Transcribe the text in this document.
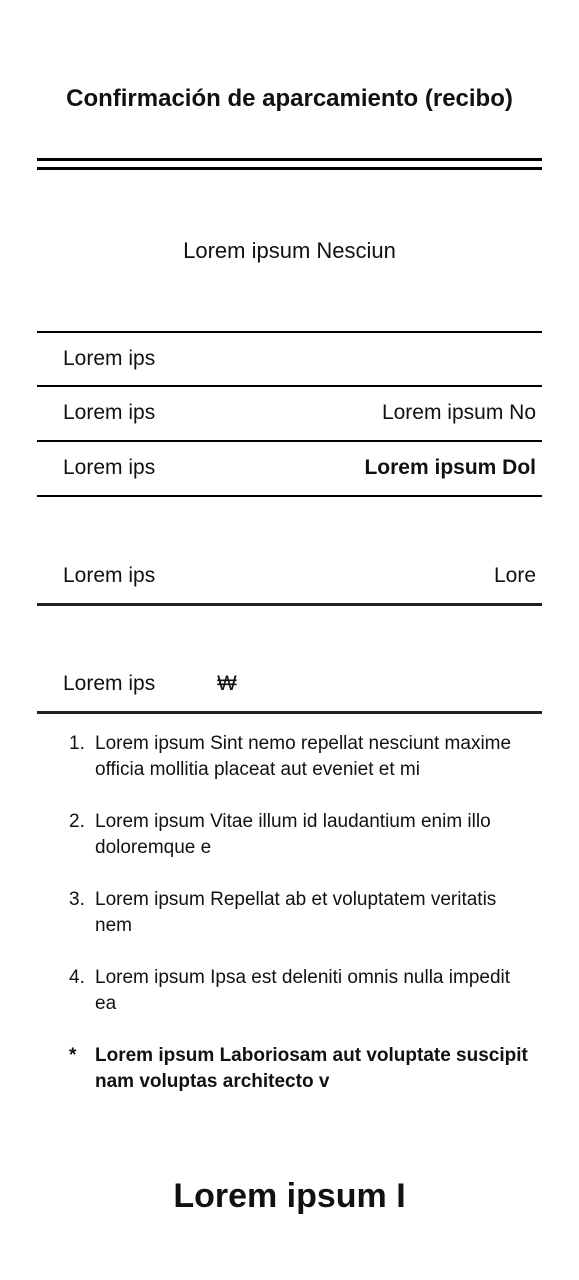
Confirmación de aparcamiento (recibo)
Lorem ipsum Nesciun
Lorem ips
Lorem ips	Lorem ipsum No
Lorem ips	Lorem ipsum Dol
Lorem ips	Lore
Lorem ips	₩
1. Lorem ipsum Sint nemo repellat nesciunt maxime officia mollitia placeat aut eveniet et mi
2. Lorem ipsum Vitae illum id laudantium enim illo doloremque e
3. Lorem ipsum Repellat ab et voluptatem veritatis nem
4. Lorem ipsum Ipsa est deleniti omnis nulla impedit ea
* Lorem ipsum Laboriosam aut voluptate suscipit nam voluptas architecto v
Lorem ipsum I
